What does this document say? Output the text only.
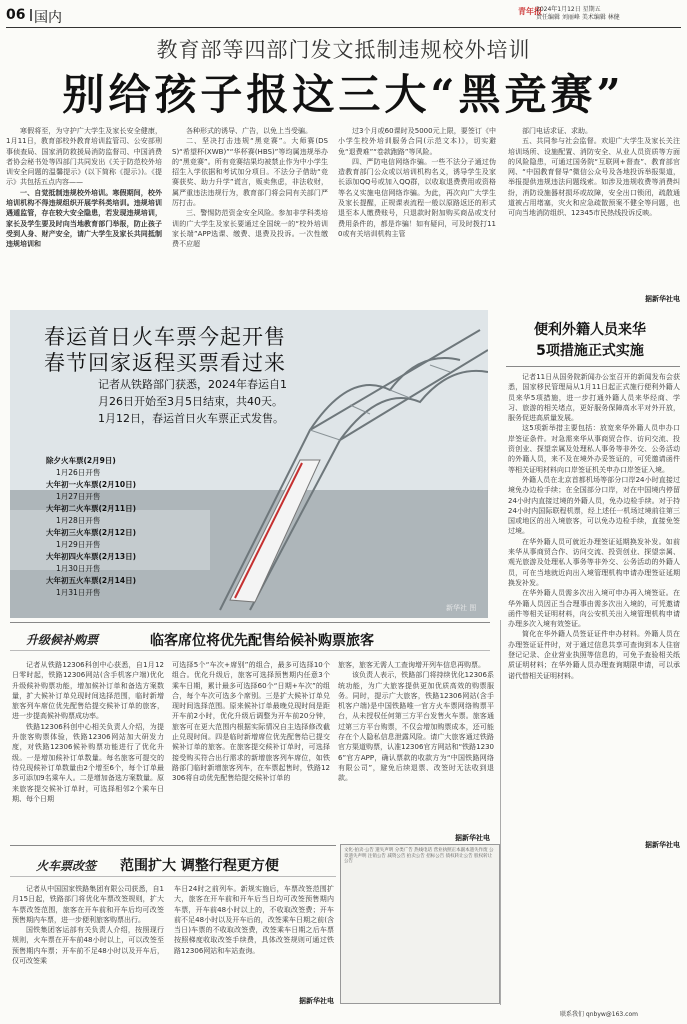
06 国内	青年报
2024年1月12日 星期五
责任编辑 刘丽峰 美术编辑 林健
教育部等四部门发文抵制违规校外培训
别给孩子报这三大“黑竞赛”

寒假将至，为守护广大学生及家长安全健康，1月11日，教育部校外教育培训监管司、公安部刑事侦查局、国家消防救援局消防监督司、中国消费者协会秘书处等四部门共同发出《关于防范校外培训安全问题的温馨提示》(以下简称《提示》)。《提示》共包括五点内容——

一、自觉抵制违规校外培训。寒假期间，校外培训机构不得违规组织开展学科类培训。违规培训遇遁监管，存在较大安全隐患，若发现违规培训，家长及学生要及时向当地教育部门举报，防止孩子受到人身、财产安全，请广大学生及家长共同抵制违规培训和

各种形式的诱导、广告，以免上当受骗。

二、坚决打击违规“黑竞赛”。大师赛(DSS)“希望杯(XWB)”“华杯赛(HBS)”等均属违规举办的“黑竞赛”。所有竞赛结果均被禁止作为中小学生招生入学依据和考试加分项目。不法分子借助“竞赛获奖、助力升学”谎言，贩卖焦虑，非法收财，属严重违法违规行为，教育部门将会同有关部门严厉打击。

三、警惕防范资金安全风险。参加非学科类培训的广大学生及家长要通过全国统一的“校外培训家长端”APP选课、缴费、退费及投诉。一次性缴费不应超

过3个月或60课时及5000元上限，要签订《中小学生校外培训服务合同(示范文本)》，切实避免“退费难”“卷款跑路”等风险。

四、严防电信网络诈骗。一些不法分子通过伪造教育部门公众或以培训机构名义，诱导学生及家长添加QQ号或加入QQ群，以收取退费费用或资格等名义实施电信网络诈骗。为此，再次向广大学生及家长提醒，正规课表流程一般以原路返还的形式退至本人缴费账号，只退款时附加购买商品或支付费用条件的，都是诈骗！如有疑问，可及时拨打110或有关培训机构主管

部门电话求证、求助。

五、共同参与社会监督。欢迎广大学生及家长关注培训场所、设施配置、消防安全、从业人员资质等方面的风险隐患，可通过国务院“互联网+督查”、教育部官网、“中国教育督导”微信公众号及各地投诉举报渠道，举报提供违规违法问题线索。如涉及违规收费等消费纠纷，消防设施器材损坏或故障，安全出口锁闭，疏散通道被占用堵塞，灾火和应急疏散预案不健全等问题，也可向当地消防组织、12345市民热线投诉反映。

据新华社电
春运首日火车票今起开售
春节回家返程买票看过来
记者从铁路部门获悉，2024年春运自1月26日开始至3月5日结束，共40天。1月12日，春运首日火车票正式发售。
除夕火车票(2月9日)
1月26日开售
大年初一火车票(2月10日)
1月27日开售
大年初二火车票(2月11日)
1月28日开售
大年初三火车票(2月12日)
1月29日开售
大年初四火车票(2月13日)
1月30日开售
大年初五火车票(2月14日)
1月31日开售
新华社 图
便利外籍人员来华
5项措施正式实施

记者11日从国务院新闻办公室召开的新闻发布会获悉，国家移民管理局从1月11日起正式施行便利外籍人员来华5项措施，进一步打通外籍人员来华经商、学习、旅游的相关堵点，更好服务保障高水平对外开放，服务促进高质量发展。

这5项新举措主要包括：放宽来华外籍人员申办口岸签证条件。对急需来华从事商贸合作、访问交流、投资创业、探望亲属及处理私人事务等非外交、公务活动的外籍人员，来不及在境外办妥签证的，可凭邀请函件等相关证明材料向口岸签证机关申办口岸签证入境。

外籍人员在北京首都机场等部分口岸24小时直接过境免办边检手续；在全国部分口岸，对在中国境内停留24小时内直接过境的外籍人员，免办边检手续。对于持24小时内国际联程机票，经上述任一机场过境前往第三国或地区的出入境旅客，可以免办边检手续，直接免签过境。

在华外籍人员可就近办理签证延期换发补发。如前来华从事商贸合作、访问交流、投资创业、探望亲属、观光旅游及处理私人事务等非外交、公务活动的外籍人员，可在当地就近向出入境管理机构申请办理签证延期换发补发。

在华外籍人员需多次出入境可申办再入境签证。在华外籍人员因正当合理事由需多次出入境的，可凭邀请函件等相关证明材料，向公安机关出入境管理机构申请办理多次入境有效签证。

简化在华外籍人员签证证件申办材料。外籍人员在办理签证证件时，对于通过信息共享可查询到本人住宿登记记录、企业营业执照等信息的，可免予查验相关纸质证明材料；在华外籍人员办理查询期限申请，可以承诺代替相关证明材料。

据新华社电
升级候补购票	临客席位将优先配售给候补购票旅客

记者从铁路12306科创中心获悉，自1月12日零时起，铁路12306网站(含手机客户端)优化升级候补购票功能，增加候补订单和备选方案数量，扩大候补订单兑现时间选择范围，临时新增旅客列车席位优先配售给提交候补订单的旅客，进一步提高候补购票成功率。

铁路12306科创中心相关负责人介绍，为提升旅客购票体验，铁路12306网站加大研发力度，对铁路12306候补购票功能进行了优化升级。一是增加候补订单数量。每名旅客可提交的待兑现候补订单数量由2个增至6个，每个订单最多可添加9名乘车人。二是增加备选方案数量。原来旅客提交候补订单时，可选择相邻2个乘车日期、每个日期

可选择5个“车次+席别”的组合，最多可选择10个组合。优化升级后，旅客可选择预售期内任意3个乘车日期，累计最多可选择60个“日期+车次”的组合，每个车次可选多个席别。三是扩大候补订单兑现时间选择范围。原来候补订单最晚兑现时间是距开车前2小时，优化升级后调整为开车前20分钟，旅客可在更大范围内根据实际情况自主选择修改截止兑现时间。四是临时新增席位优先配售给已提交候补订单的旅客。在旅客提交候补订单时，可选择接受购买符合出行需求的新增旅客列车席位，如铁路部门临时新增旅客列车，在车票起售时，铁路12306将自动优先配售给提交候补订单的

旅客，旅客无需人工查询增开列车信息再购票。

该负责人表示，铁路部门将持续优化12306系统功能，为广大旅客提供更加优质高效的购票服务。同时，提示广大旅客，铁路12306网站(含手机客户端)是中国铁路唯一官方火车票网络购票平台，从未授权任何第三方平台发售火车票。旅客通过第三方平台购票，不仅会增加购票成本，还可能存在个人隐私信息泄露风险。请广大旅客通过铁路官方渠道购票，认准12306官方网站和“铁路12306”官方APP，确认票款的收款方为“中国铁路网络有限公司”，避免后续退票、改签时无法收到退款。

据新华社电
火车票改签 范围扩大 调整行程更方便

记者从中国国家铁路集团有限公司获悉，自1月15日起，铁路部门将优化车票改签规则，扩大车票改签范围，旅客在开车前和开车后均可改签预售期内车票，进一步便利旅客购票出行。

国铁集团客运部有关负责人介绍，按照现行规则，火车票在开车前48小时以上，可以改签至预售期内车票；开车前不足48小时以及开车后，仅可改签乘

车日24时之前列车。新规实施后，车票改签范围扩大，旅客在开车前和开车后当日均可改签预售期内车票，开车前48小时以上的，不收取改签费；开车前不足48小时以及开车后的，改签乘车日期之前(含当日)车票的不收取改签费，改签乘车日期之后车票按照梯度收取改签手续费，具体改签规则可通过铁路12306网站和车站查询。

据新华社电
文化·拍卖·公告 遗失声明 分类广告 热线电话 营业执照正本副本遗失作废 公章遗失声明 注销公告 减资公告 拍卖公告 招标公告 债权转让公告 股权转让公告
联系我们 qnbyw@163.com
